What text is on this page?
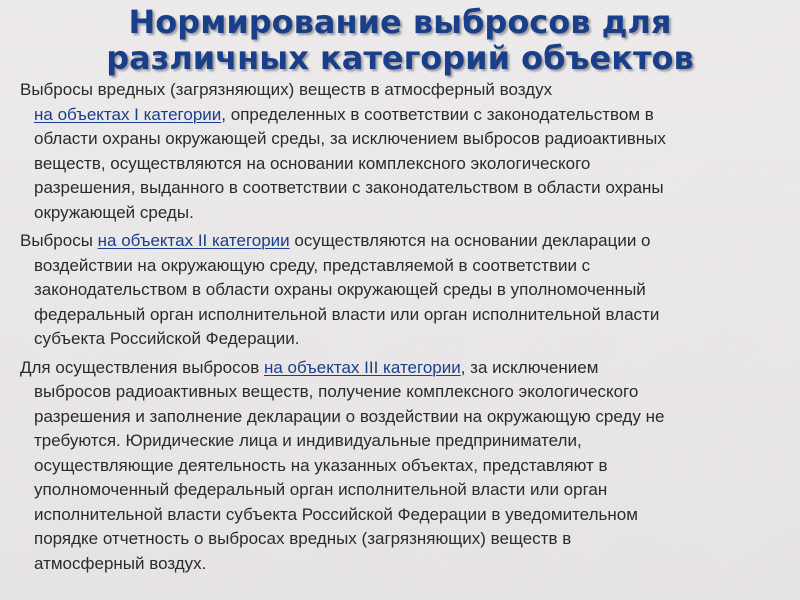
Нормирование выбросов для
различных категорий объектов
Выбросы вредных (загрязняющих) веществ в атмосферный воздух
на объектах I категории, определенных в соответствии с законодательством в
области охраны окружающей среды, за исключением выбросов радиоактивных
веществ, осуществляются на основании комплексного экологического
разрешения, выданного в соответствии с законодательством в области охраны
окружающей среды.
Выбросы на объектах II категории осуществляются на основании декларации о
воздействии на окружающую среду, представляемой в соответствии с
законодательством в области охраны окружающей среды в уполномоченный
федеральный орган исполнительной власти или орган исполнительной власти
субъекта Российской Федерации.
Для осуществления выбросов на объектах III категории, за исключением
выбросов радиоактивных веществ, получение комплексного экологического
разрешения и заполнение декларации о воздействии на окружающую среду не
требуются. Юридические лица и индивидуальные предприниматели,
осуществляющие деятельность на указанных объектах, представляют в
уполномоченный федеральный орган исполнительной власти или орган
исполнительной власти субъекта Российской Федерации в уведомительном
порядке отчетность о выбросах вредных (загрязняющих) веществ в
атмосферный воздух.
